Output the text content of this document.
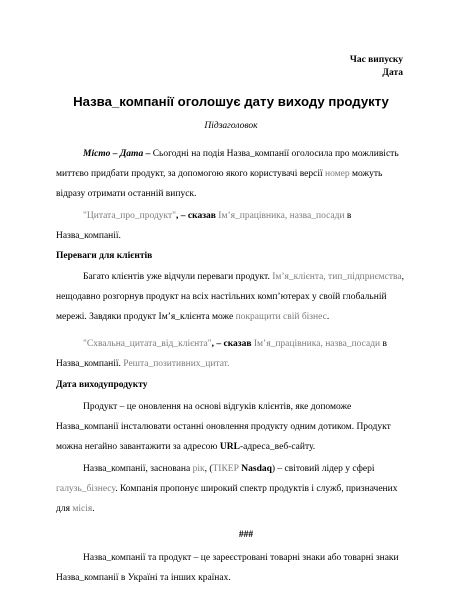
Час випуску
Дата
Назва_компанії оголошує дату виходу продукту
Підзаголовок

Місто – Дата – Сьогодні на подія Назва_компанії оголосила про можливість миттєво придбати продукт, за допомогою якого користувачі версії номер можуть відразу отримати останній випуск.

"Цитата_про_продукт", – сказав Ім’я_працівника, назва_посади в Назва_компанії.

Переваги для клієнтів

Багато клієнтів уже відчули переваги продукт. Ім’я_клієнта, тип_підприємства, нещодавно розгорнув продукт на всіх настільних комп’ютерах у своїй глобальній мережі. Завдяки продукт Ім’я_клієнта може покращити свій бізнес.

"Схвальна_цитата_від_клієнта", – сказав Ім’я_працівника, назва_посади в Назва_компанії. Решта_позитивних_цитат.

Дата виходупродукту

Продукт – це оновлення на основі відгуків клієнтів, яке допоможе Назва_компанії інсталювати останні оновлення продукту одним дотиком. Продукт можна негайно завантажити за адресою URL-адреса_веб-сайту.

Назва_компанії, заснована рік, (ТІКЕР Nasdaq) – світовий лідер у сфері галузь_бізнесу. Компанія пропонує широкий спектр продуктів і служб, призначених для місія.

###

Назва_компанії та продукт – це зареєстровані товарні знаки або товарні знаки Назва_компанії в Україні та інших країнах.
